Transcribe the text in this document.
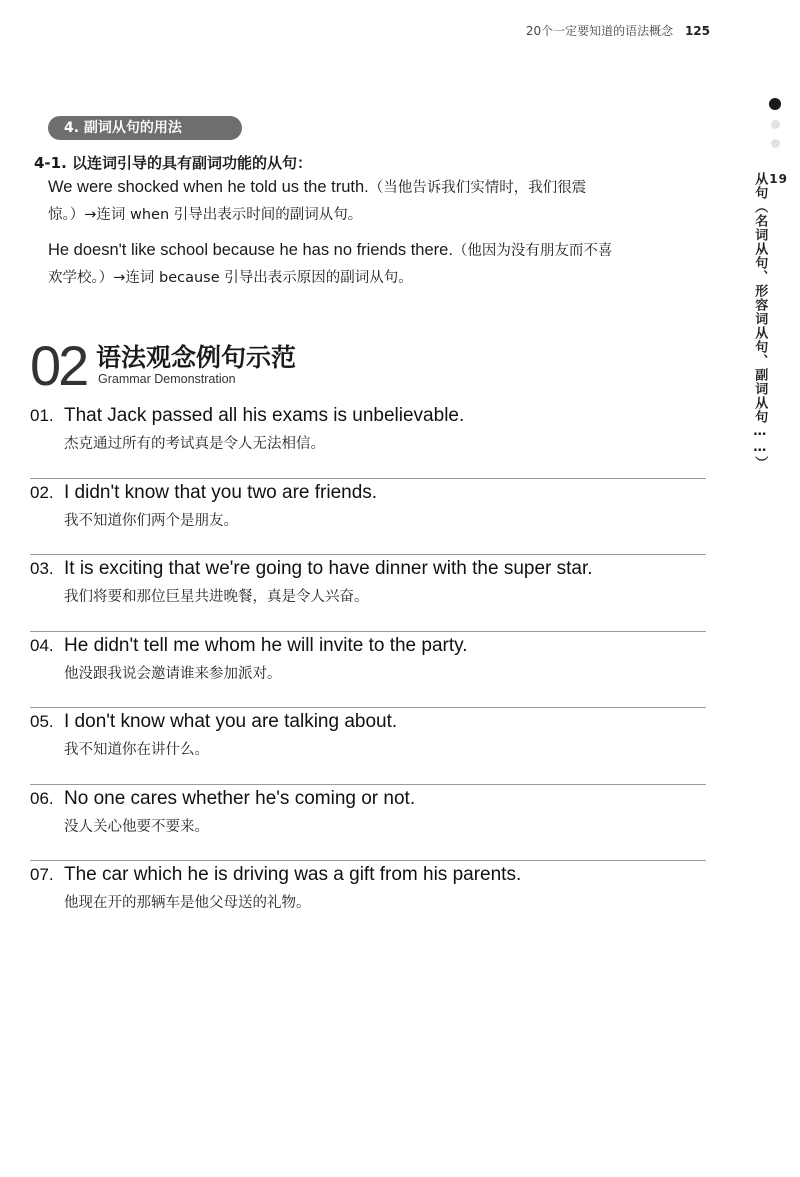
20个一定要知道的语法概念 125
19
从句（名词从句、形容词从句、副词从句……）
4. 副词从句的用法
4-1. 以连词引导的具有副词功能的从句：
We were shocked when he told us the truth.（当他告诉我们实情时，我们很震
惊。）→连词 when 引导出表示时间的副词从句。
He doesn't like school because he has no friends there.（他因为没有朋友而不喜
欢学校。）→连词 because 引导出表示原因的副词从句。
02 语法观念例句示范
Grammar Demonstration
01. That Jack passed all his exams is unbelievable.
杰克通过所有的考试真是令人无法相信。
02. I didn't know that you two are friends.
我不知道你们两个是朋友。
03. It is exciting that we're going to have dinner with the super star.
我们将要和那位巨星共进晚餐，真是令人兴奋。
04. He didn't tell me whom he will invite to the party.
他没跟我说会邀请谁来参加派对。
05. I don't know what you are talking about.
我不知道你在讲什么。
06. No one cares whether he's coming or not.
没人关心他要不要来。
07. The car which he is driving was a gift from his parents.
他现在开的那辆车是他父母送的礼物。
